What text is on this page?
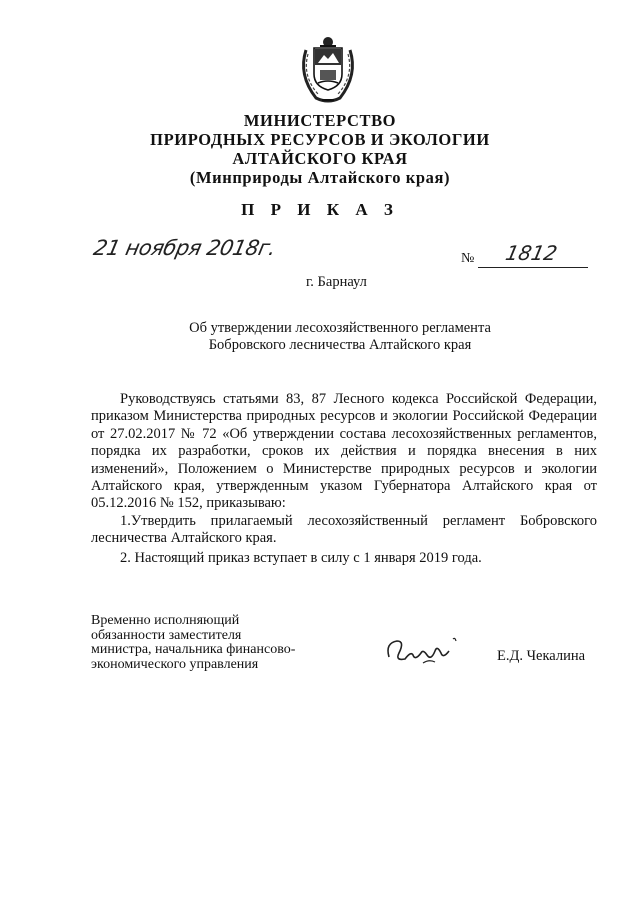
МИНИСТЕРСТВО
ПРИРОДНЫХ РЕСУРСОВ И ЭКОЛОГИИ
АЛТАЙСКОГО КРАЯ
(Минприроды Алтайского края)
П Р И К А З
21 ноября 2018г.	№ 1812
г. Барнаул
Об утверждении лесохозяйственного регламента
Бобровского лесничества Алтайского края

Руководствуясь статьями 83, 87 Лесного кодекса Российской Федерации, приказом Министерства природных ресурсов и экологии Российской Федерации от 27.02.2017 № 72 «Об утверждении состава лесохозяйственных регламентов, порядка их разработки, сроков их действия и порядка внесения в них изменений», Положением о Министерстве природных ресурсов и экологии Алтайского края, утвержденным указом Губернатора Алтайского края от 05.12.2016 № 152, приказываю:

1.Утвердить прилагаемый лесохозяйственный регламент Бобровского лесничества Алтайского края.

2. Настоящий приказ вступает в силу с 1 января 2019 года.

Временно исполняющий
обязанности заместителя
министра, начальника финансово-
экономического управления
Е.Д. Чекалина
